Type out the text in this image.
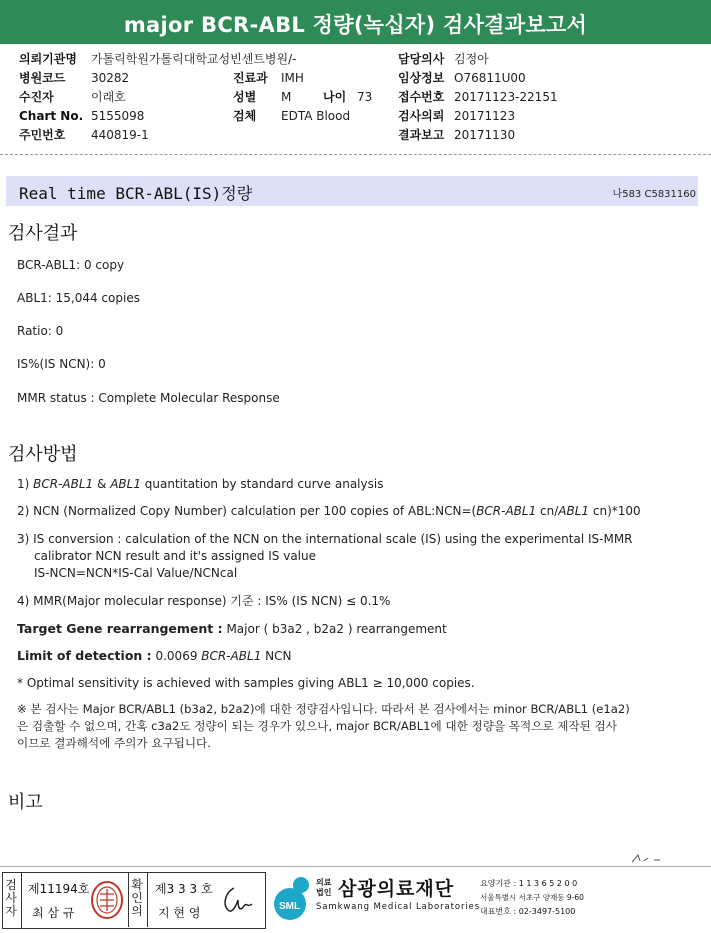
major BCR-ABL 정량(녹십자) 검사결과보고서
의뢰기관명 가톨릭학원가톨릭대학교성빈센트병원/-
병원코드 30282
수진자	이래호
Chart No. 5155098
주민번호 440819-1
진료과 IMH
성별 M	나이 73
검체 EDTA Blood
담당의사 김정아
임상정보 O76811U00
접수번호 20171123-22151
검사의뢰 20171123
결과보고 20171130
Real time BCR-ABL(IS)정량	나583 C5831160
검사결과
BCR-ABL1: 0 copy
ABL1: 15,044 copies
Ratio: 0
IS%(IS NCN): 0
MMR status : Complete Molecular Response
검사방법
1) BCR-ABL1 & ABL1 quantitation by standard curve analysis
2) NCN (Normalized Copy Number) calculation per 100 copies of ABL:NCN=(BCR-ABL1 cn/ABL1 cn)*100
3) IS conversion : calculation of the NCN on the international scale (IS) using the experimental IS-MMR
calibrator NCN result and it's assigned IS value
IS-NCN=NCN*IS-Cal Value/NCNcal
4) MMR(Major molecular response) 기준 : IS% (IS NCN) ≤ 0.1%
Target Gene rearrangement : Major ( b3a2 , b2a2 ) rearrangement
Limit of detection : 0.0069 BCR-ABL1 NCN
* Optimal sensitivity is achieved with samples giving ABL1 ≥ 10,000 copies.
※ 본 검사는 Major BCR/ABL1 (b3a2, b2a2)에 대한 정량검사입니다. 따라서 본 검사에서는 minor BCR/ABL1 (e1a2)
은 검출할 수 없으며, 간혹 c3a2도 정량이 되는 경우가 있으나, major BCR/ABL1에 대한 정량을 목적으로 제작된 검사
이므로 결과해석에 주의가 요구됩니다.
비고
검사자
제11194호
최 삼 규
확인의
제3 3 3 호
지 현 영	SML
의료
법인 삼광의료재단
Samkwang Medical Laboratories
요양기관 : 1 1 3 6 5 2 0 0
서울특별시 서초구 양재동 9-60
대표번호 : 02-3497-5100
